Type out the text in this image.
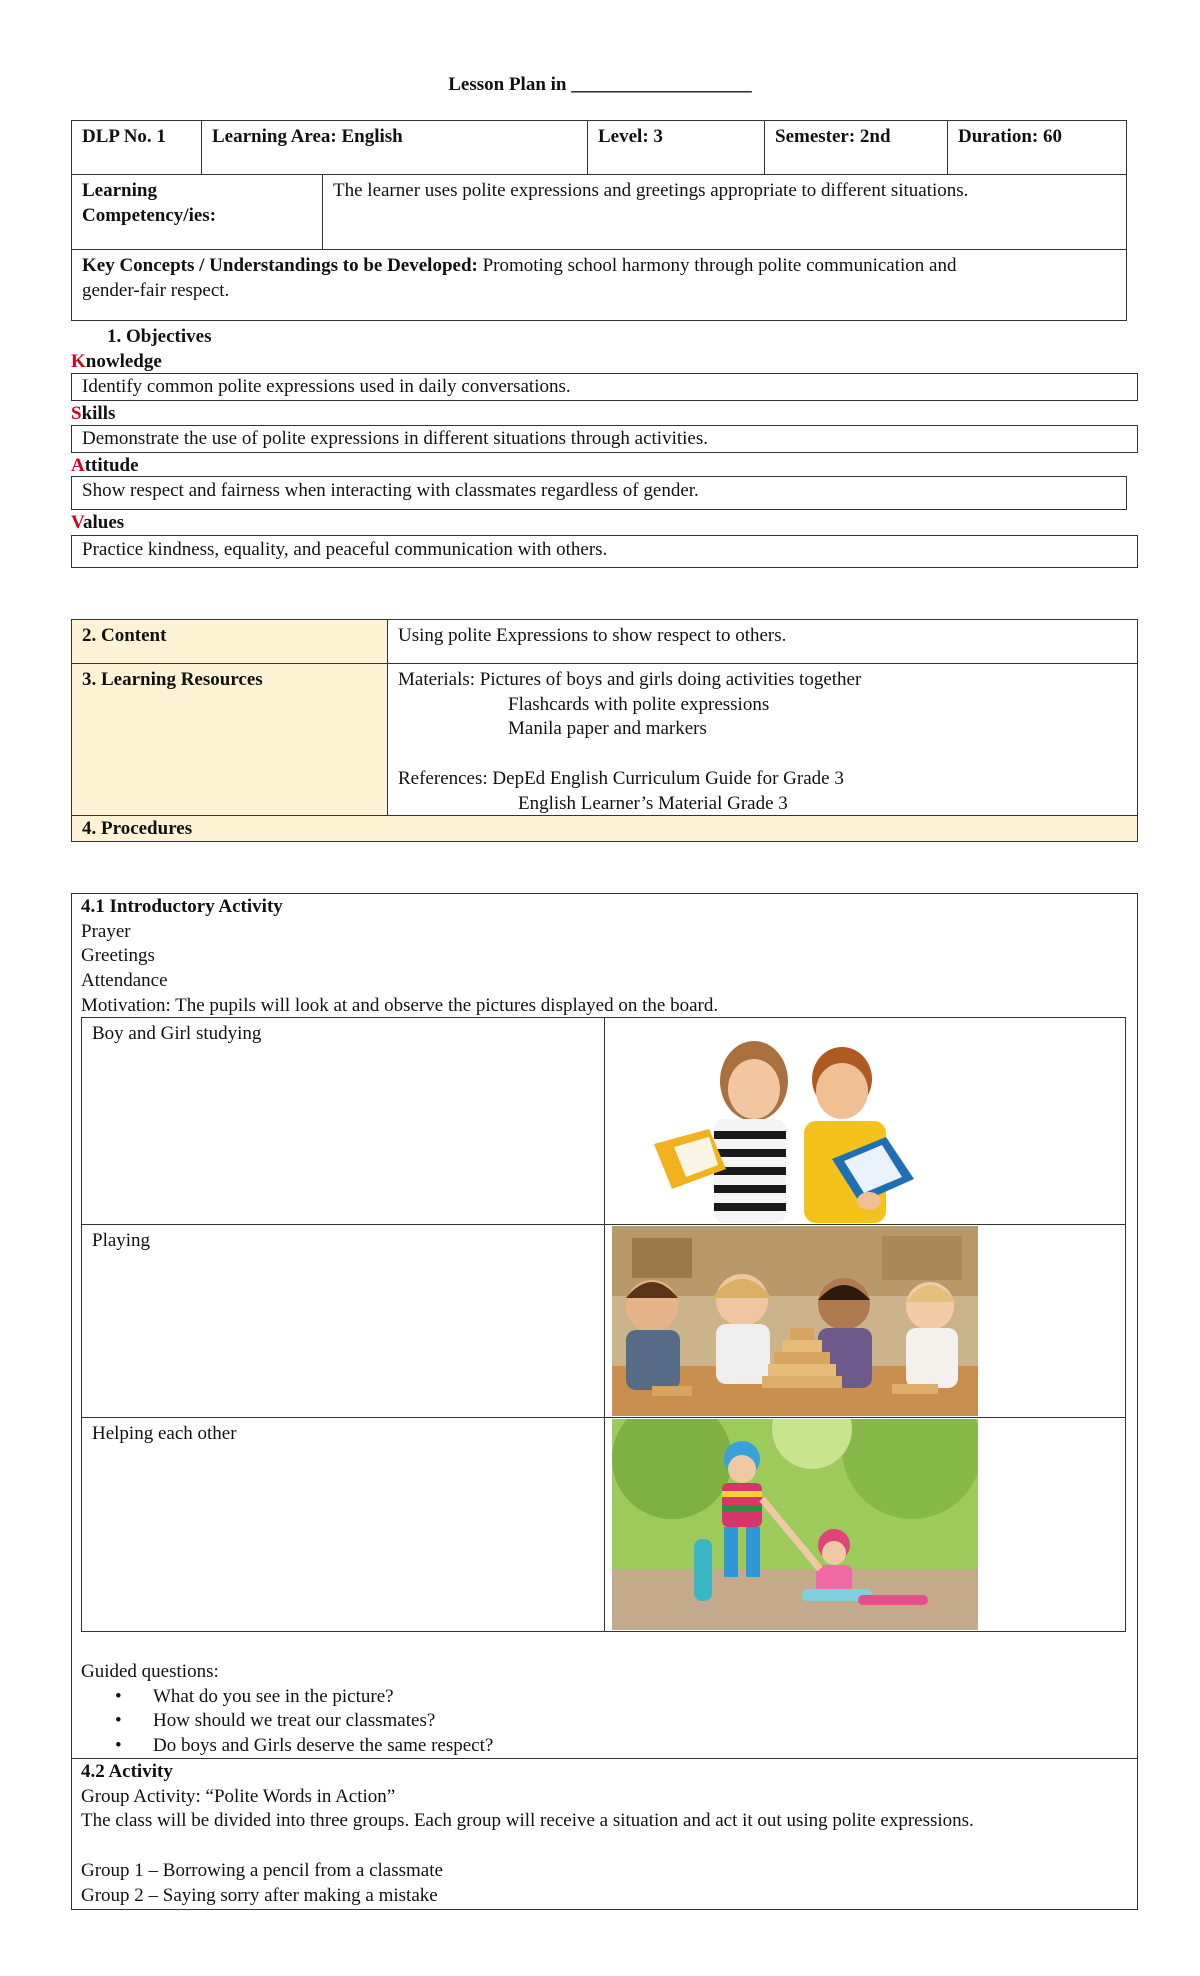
Lesson Plan in ___________________
DLP No. 1	Learning Area: English	Level: 3	Semester: 2nd	Duration: 60
Learning
Competency/ies:
The learner uses polite expressions and greetings appropriate to different situations.
Key Concepts / Understandings to be Developed: Promoting school harmony through polite communication and
gender-fair respect.
1. Objectives
Knowledge
Identify common polite expressions used in daily conversations.
Skills
Demonstrate the use of polite expressions in different situations through activities.
Attitude
Show respect and fairness when interacting with classmates regardless of gender.
Values
Practice kindness, equality, and peaceful communication with others.
2. Content	Using polite Expressions to show respect to others.
3. Learning Resources	Materials: Pictures of boys and girls doing activities together
Flashcards with polite expressions
Manila paper and markers
References: DepEd English Curriculum Guide for Grade 3
English Learner’s Material Grade 3
4. Procedures
4.1 Introductory Activity
Prayer
Greetings
Attendance
Motivation: The pupils will look at and observe the pictures displayed on the board.
Boy and Girl studying
Playing
Helping each other
Guided questions:
• What do you see in the picture?
• How should we treat our classmates?
• Do boys and Girls deserve the same respect?
4.2 Activity
Group Activity: “Polite Words in Action”
The class will be divided into three groups. Each group will receive a situation and act it out using polite expressions.
Group 1 – Borrowing a pencil from a classmate
Group 2 – Saying sorry after making a mistake
